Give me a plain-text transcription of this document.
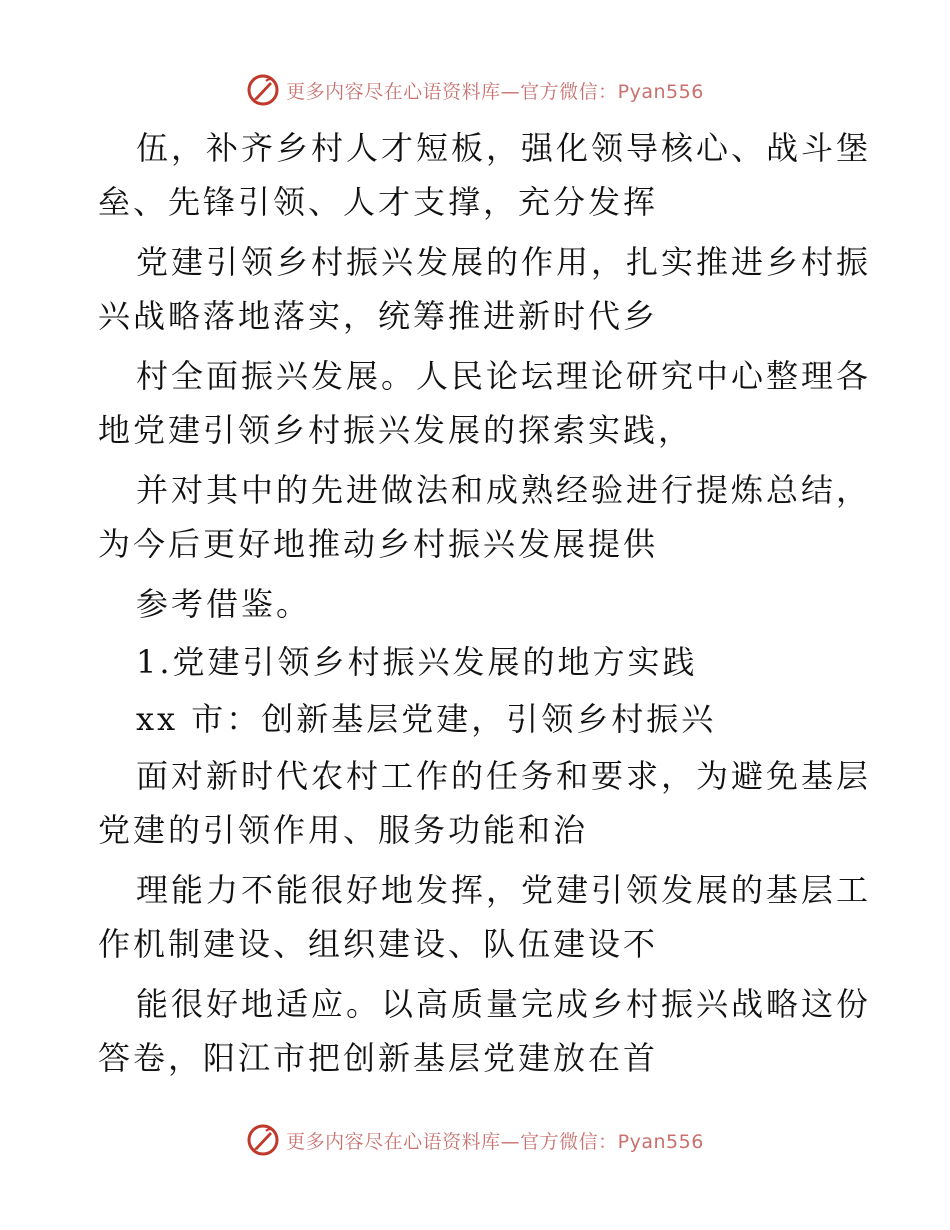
更多内容尽在心语资料库—官方微信：Pyan556
伍，补齐乡村人才短板，强化领导核心、战斗堡
垒、先锋引领、人才支撑，充分发挥
党建引领乡村振兴发展的作用，扎实推进乡村振
兴战略落地落实，统筹推进新时代乡
村全面振兴发展。人民论坛理论研究中心整理各
地党建引领乡村振兴发展的探索实践，
并对其中的先进做法和成熟经验进行提炼总结，
为今后更好地推动乡村振兴发展提供
参考借鉴。
1.党建引领乡村振兴发展的地方实践
xx 市：创新基层党建，引领乡村振兴
面对新时代农村工作的任务和要求，为避免基层
党建的引领作用、服务功能和治
理能力不能很好地发挥，党建引领发展的基层工
作机制建设、组织建设、队伍建设不
能很好地适应。以高质量完成乡村振兴战略这份
答卷，阳江市把创新基层党建放在首
更多内容尽在心语资料库—官方微信：Pyan556
